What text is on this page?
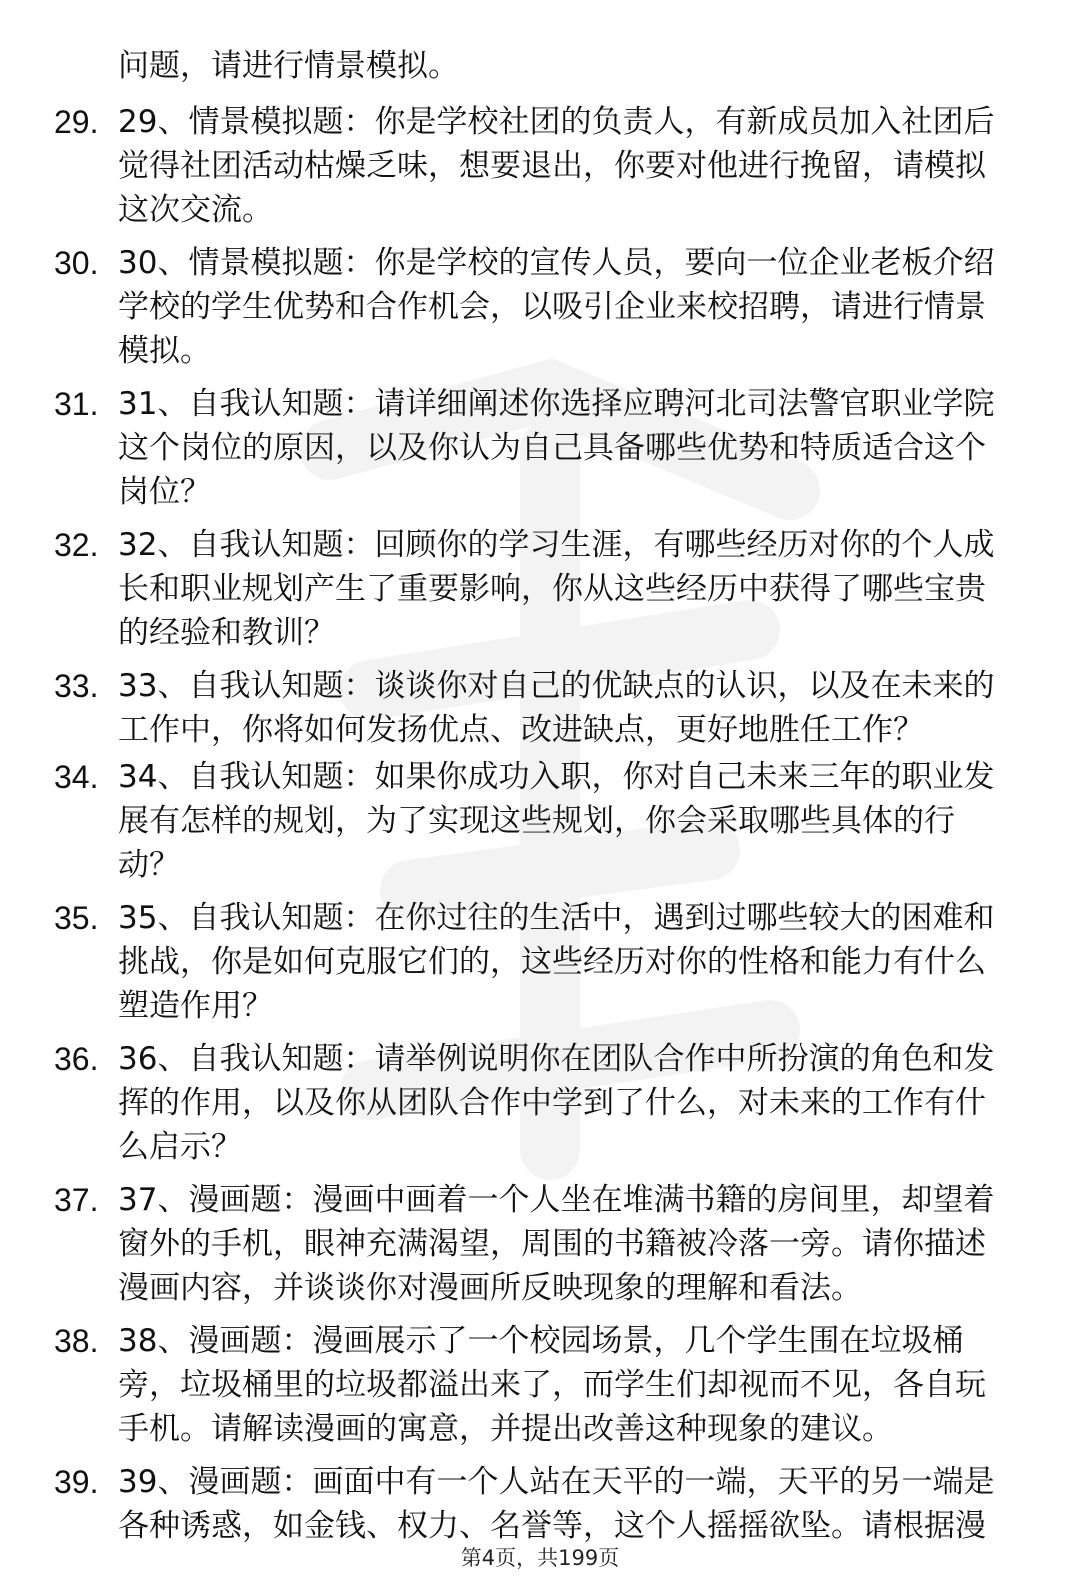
问题，请进行情景模拟。
29. 29、情景模拟题：你是学校社团的负责人，有新成员加入社团后
觉得社团活动枯燥乏味，想要退出，你要对他进行挽留，请模拟
这次交流。
30. 30、情景模拟题：你是学校的宣传人员，要向一位企业老板介绍
学校的学生优势和合作机会，以吸引企业来校招聘，请进行情景
模拟。
31. 31、自我认知题：请详细阐述你选择应聘河北司法警官职业学院
这个岗位的原因，以及你认为自己具备哪些优势和特质适合这个
岗位？
32. 32、自我认知题：回顾你的学习生涯，有哪些经历对你的个人成
长和职业规划产生了重要影响，你从这些经历中获得了哪些宝贵
的经验和教训？
33. 33、自我认知题：谈谈你对自己的优缺点的认识，以及在未来的
工作中，你将如何发扬优点、改进缺点，更好地胜任工作？
34. 34、自我认知题：如果你成功入职，你对自己未来三年的职业发
展有怎样的规划，为了实现这些规划，你会采取哪些具体的行
动？
35. 35、自我认知题：在你过往的生活中，遇到过哪些较大的困难和
挑战，你是如何克服它们的，这些经历对你的性格和能力有什么
塑造作用？
36. 36、自我认知题：请举例说明你在团队合作中所扮演的角色和发
挥的作用，以及你从团队合作中学到了什么，对未来的工作有什
么启示？
37. 37、漫画题：漫画中画着一个人坐在堆满书籍的房间里，却望着
窗外的手机，眼神充满渴望，周围的书籍被冷落一旁。请你描述
漫画内容，并谈谈你对漫画所反映现象的理解和看法。
38. 38、漫画题：漫画展示了一个校园场景，几个学生围在垃圾桶
旁，垃圾桶里的垃圾都溢出来了，而学生们却视而不见，各自玩
手机。请解读漫画的寓意，并提出改善这种现象的建议。
39. 39、漫画题：画面中有一个人站在天平的一端，天平的另一端是
各种诱惑，如金钱、权力、名誉等，这个人摇摇欲坠。请根据漫
第4页，共199页
